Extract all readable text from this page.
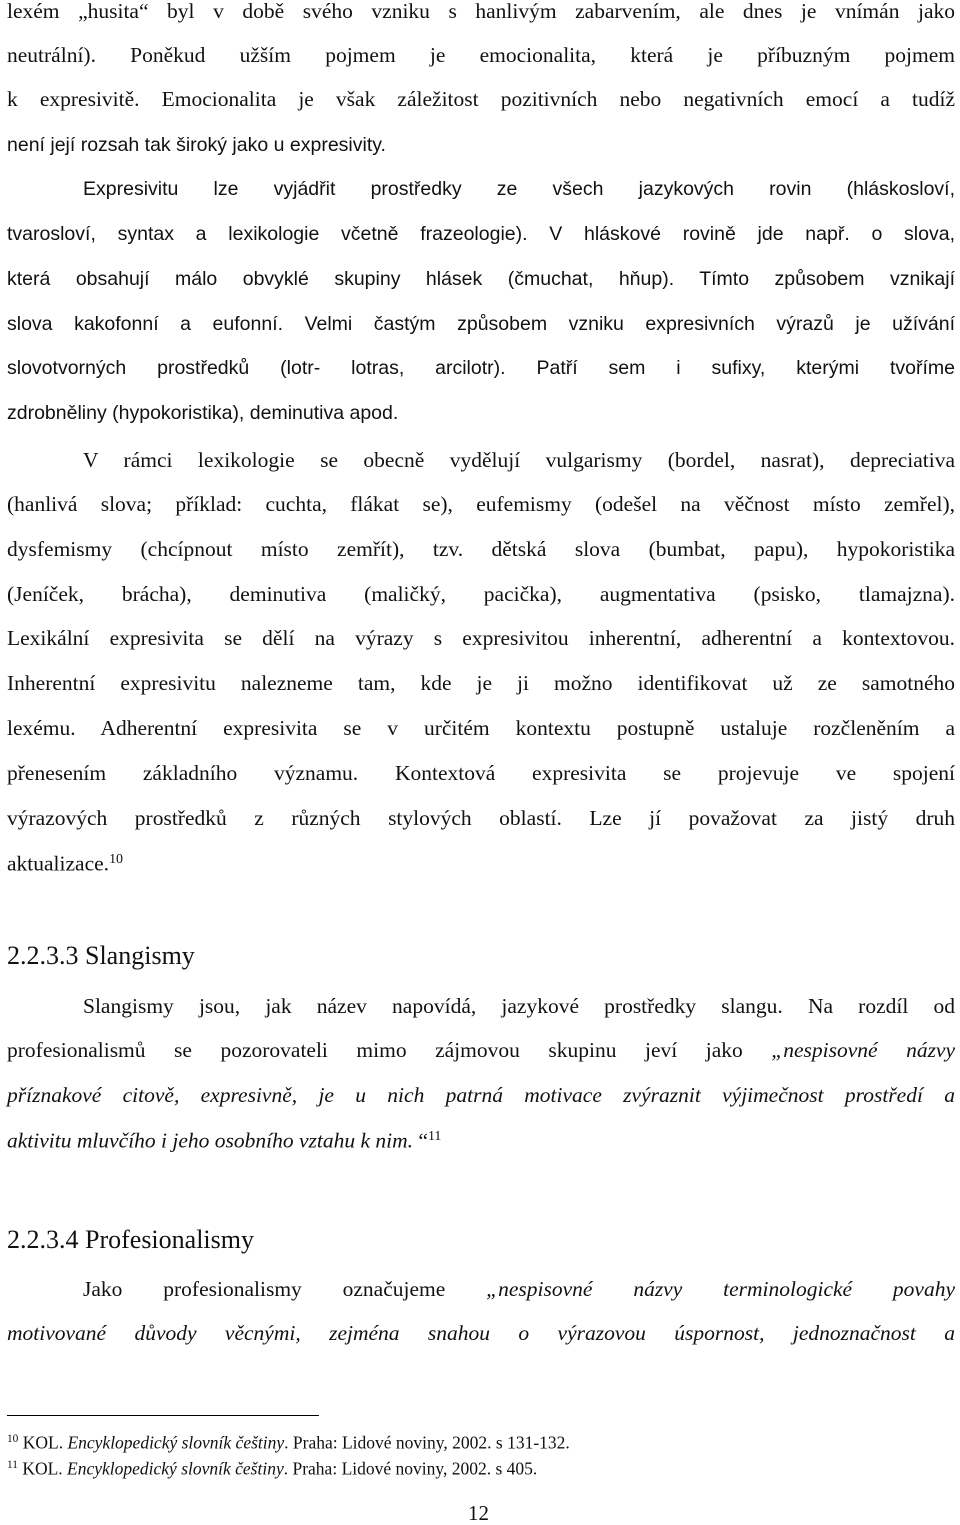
lexém „husita“ byl v době svého vzniku s hanlivým zabarvením, ale dnes je vnímán jako
neutrální). Poněkud užším pojmem je emocionalita, která je příbuzným pojmem
k expresivitě. Emocionalita je však záležitost pozitivních nebo negativních emocí a tudíž
není její rozsah tak široký jako u expresivity.
Expresivitu lze vyjádřit prostředky ze všech jazykových rovin (hláskosloví,
tvarosloví, syntax a lexikologie včetně frazeologie). V hláskové rovině jde např. o slova,
která obsahují málo obvyklé skupiny hlásek (čmuchat, hňup). Tímto způsobem vznikají
slova kakofonní a eufonní. Velmi častým způsobem vzniku expresivních výrazů je užívání
slovotvorných prostředků (lotr- lotras, arcilotr). Patří sem i sufixy, kterými tvoříme
zdrobněliny (hypokoristika), deminutiva apod.
V rámci lexikologie se obecně vydělují vulgarismy (bordel, nasrat), depreciativa
(hanlivá slova; příklad: cuchta, flákat se), eufemismy (odešel na věčnost místo zemřel),
dysfemismy (chcípnout místo zemřít), tzv. dětská slova (bumbat, papu), hypokoristika
(Jeníček, brácha), deminutiva (maličký, pacička), augmentativa (psisko, tlamajzna).
Lexikální expresivita se dělí na výrazy s expresivitou inherentní, adherentní a kontextovou.
Inherentní expresivitu nalezneme tam, kde je ji možno identifikovat už ze samotného
lexému. Adherentní expresivita se v určitém kontextu postupně ustaluje rozčleněním a
přenesením základního významu. Kontextová expresivita se projevuje ve spojení
výrazových prostředků z různých stylových oblastí. Lze jí považovat za jistý druh
aktualizace.$^{10}$
2.2.3.3 Slangismy
Slangismy jsou, jak název napovídá, jazykové prostředky slangu. Na rozdíl od
profesionalismů se pozorovateli mimo zájmovou skupinu jeví jako „nespisovné názvy
příznakové citově, expresivně, je u nich patrná motivace zvýraznit výjimečnost prostředí a
aktivitu mluvčího i jeho osobního vztahu k nim. “$^{11}$
2.2.3.4 Profesionalismy
Jako profesionalismy označujeme „nespisovné názvy terminologické povahy
motivované důvody věcnými, zejména snahou o výrazovou úspornost, jednoznačnost a
$^{10}$ KOL. Encyklopedický slovník češtiny. Praha: Lidové noviny, 2002. s 131-132.
$^{11}$ KOL. Encyklopedický slovník češtiny. Praha: Lidové noviny, 2002. s 405.
12
